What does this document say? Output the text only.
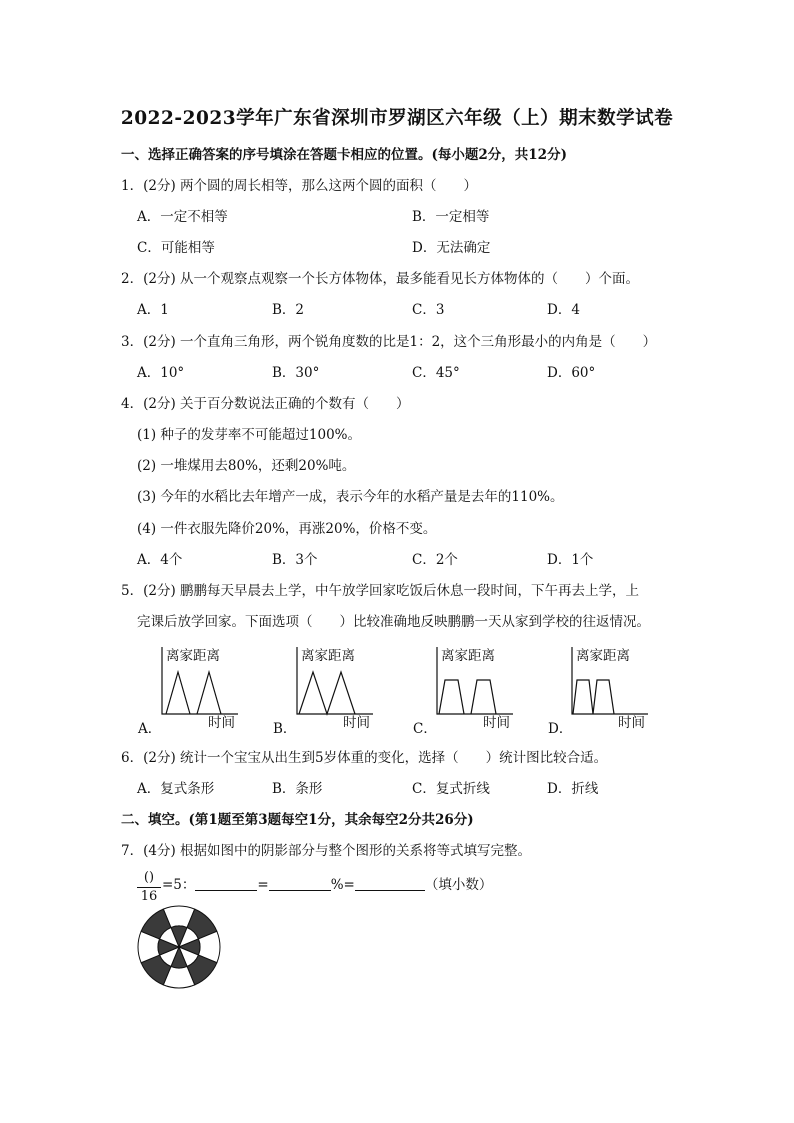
2022-2023学年广东省深圳市罗湖区六年级（上）期末数学试卷
一、选择正确答案的序号填涂在答题卡相应的位置。(每小题2分，共12分)
1．(2分) 两个圆的周长相等，那么这两个圆的面积（　　）
A．一定不相等	B．一定相等
C．可能相等	D．无法确定
2．(2分) 从一个观察点观察一个长方体物体，最多能看见长方体物体的（　　）个面。
A．1	B．2	C．3	D．4
3．(2分) 一个直角三角形，两个锐角度数的比是1：2，这个三角形最小的内角是（　　）
A．10°	B．30°	C．45°	D．60°
4．(2分) 关于百分数说法正确的个数有（　　）
(1) 种子的发芽率不可能超过100%。
(2) 一堆煤用去80%，还剩20%吨。
(3) 今年的水稻比去年增产一成，表示今年的水稻产量是去年的110%。
(4) 一件衣服先降价20%，再涨20%，价格不变。
A．4个	B．3个	C．2个	D．1个
5．(2分) 鹏鹏每天早晨去上学，中午放学回家吃饭后休息一段时间，下午再去上学，上
完课后放学回家。下面选项（　　）比较准确地反映鹏鹏一天从家到学校的往返情况。
A．
离家距离
时间	B．
离家距离
时间	C．
离家距离
时间	D．
离家距离
时间
6．(2分) 统计一个宝宝从出生到5岁体重的变化，选择（　　）统计图比较合适。
A．复式条形	B．条形	C．复式折线	D．折线
二、填空。(第1题至第3题每空1分，其余每空2分共26分)
7．(4分) 根据如图中的阴影部分与整个图形的关系将等式填写完整。
()
16
=5：	=	%=	（填小数）
